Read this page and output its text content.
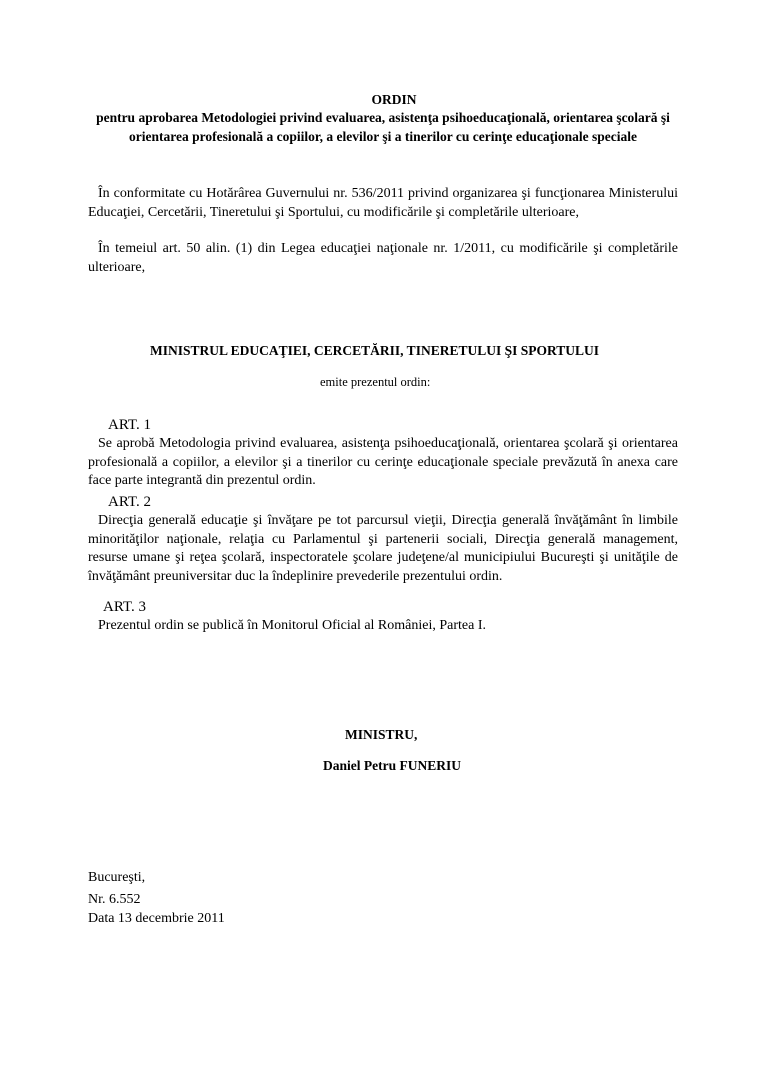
ORDIN
pentru aprobarea Metodologiei privind evaluarea, asistenţa psihoeducaţională, orientarea şcolară şi orientarea profesională a copiilor, a elevilor şi a tinerilor cu cerinţe educaţionale speciale
În conformitate cu Hotărârea Guvernului nr. 536/2011 privind organizarea şi funcţionarea Ministerului Educaţiei, Cercetării, Tineretului şi Sportului, cu modificările şi completările ulterioare,
În temeiul art. 50 alin. (1) din Legea educaţiei naţionale nr. 1/2011, cu modificările şi completările ulterioare,
MINISTRUL EDUCAŢIEI, CERCETĂRII, TINERETULUI ŞI SPORTULUI
emite prezentul ordin:
ART. 1
Se aprobă Metodologia privind evaluarea, asistenţa psihoeducaţională, orientarea şcolară şi orientarea profesională a copiilor, a elevilor şi a tinerilor cu cerinţe educaţionale speciale prevăzută în anexa care face parte integrantă din prezentul ordin.
ART. 2
Direcţia generală educaţie şi învăţare pe tot parcursul vieţii, Direcţia generală învăţământ în limbile minorităţilor naţionale, relaţia cu Parlamentul şi partenerii sociali, Direcţia generală management, resurse umane şi reţea şcolară, inspectoratele şcolare judeţene/al municipiului Bucureşti şi unităţile de învăţământ preuniversitar duc la îndeplinire prevederile prezentului ordin.
ART. 3
Prezentul ordin se publică în Monitorul Oficial al României, Partea I.
MINISTRU,
Daniel Petru FUNERIU
Bucureşti,
Nr. 6.552
Data 13 decembrie 2011
